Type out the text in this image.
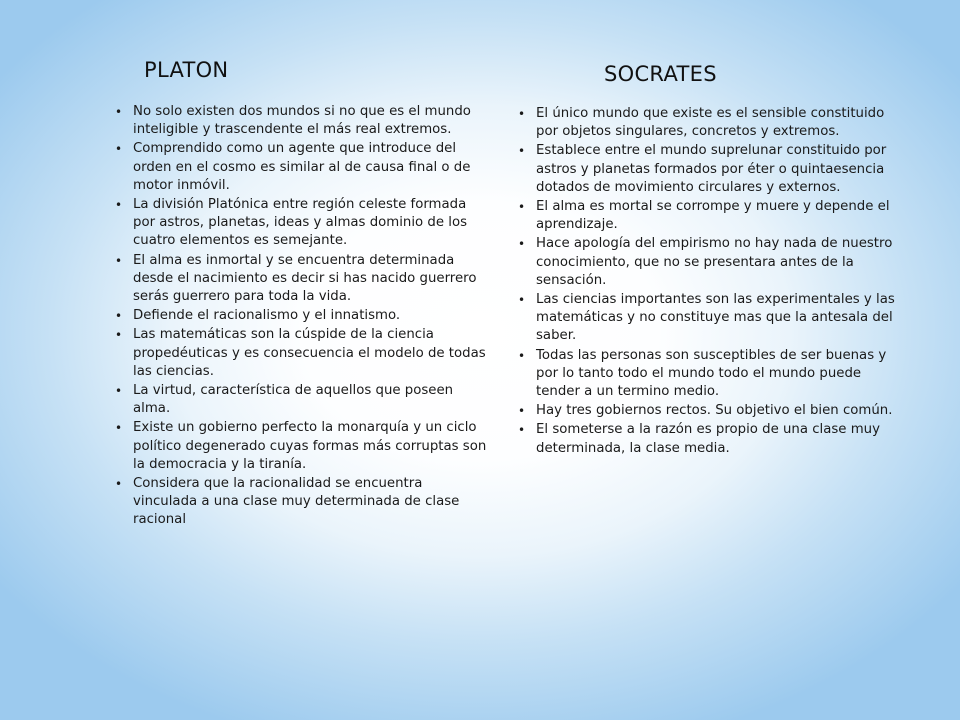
PLATON	SOCRATES
• No solo existen dos mundos si no que es el mundo inteligible y trascendente el más real extremos.
• Comprendido como un agente que introduce del orden en el cosmo es similar al de causa final o de motor inmóvil.
• La división Platónica entre región celeste formada por astros, planetas, ideas y almas dominio de los cuatro elementos es semejante.
• El alma es inmortal y se encuentra determinada desde el nacimiento es decir si has nacido guerrero serás guerrero para toda la vida.
• Defiende el racionalismo y el innatismo.
• Las matemáticas son la cúspide de la ciencia propedéuticas y es consecuencia el modelo de todas las ciencias.
• La virtud, característica de aquellos que poseen alma.
• Existe un gobierno perfecto la monarquía y un ciclo político degenerado cuyas formas más corruptas son la democracia y la tiranía.
• Considera que la racionalidad se encuentra vinculada a una clase muy determinada de clase racional
• El único mundo que existe es el sensible constituido por objetos singulares, concretos y extremos.
• Establece entre el mundo suprelunar constituido por astros y planetas formados por éter o quintaesencia dotados de movimiento circulares y externos.
• El alma es mortal se corrompe y muere y depende el aprendizaje.
• Hace apología del empirismo no hay nada de nuestro conocimiento, que no se presentara antes de la sensación.
• Las ciencias importantes son las experimentales y las matemáticas y no constituye mas que la antesala del saber.
• Todas las personas son susceptibles de ser buenas y por lo tanto todo el mundo todo el mundo puede tender a un termino medio.
• Hay tres gobiernos rectos. Su objetivo el bien común.
• El someterse a la razón es propio de una clase muy determinada, la clase media.
